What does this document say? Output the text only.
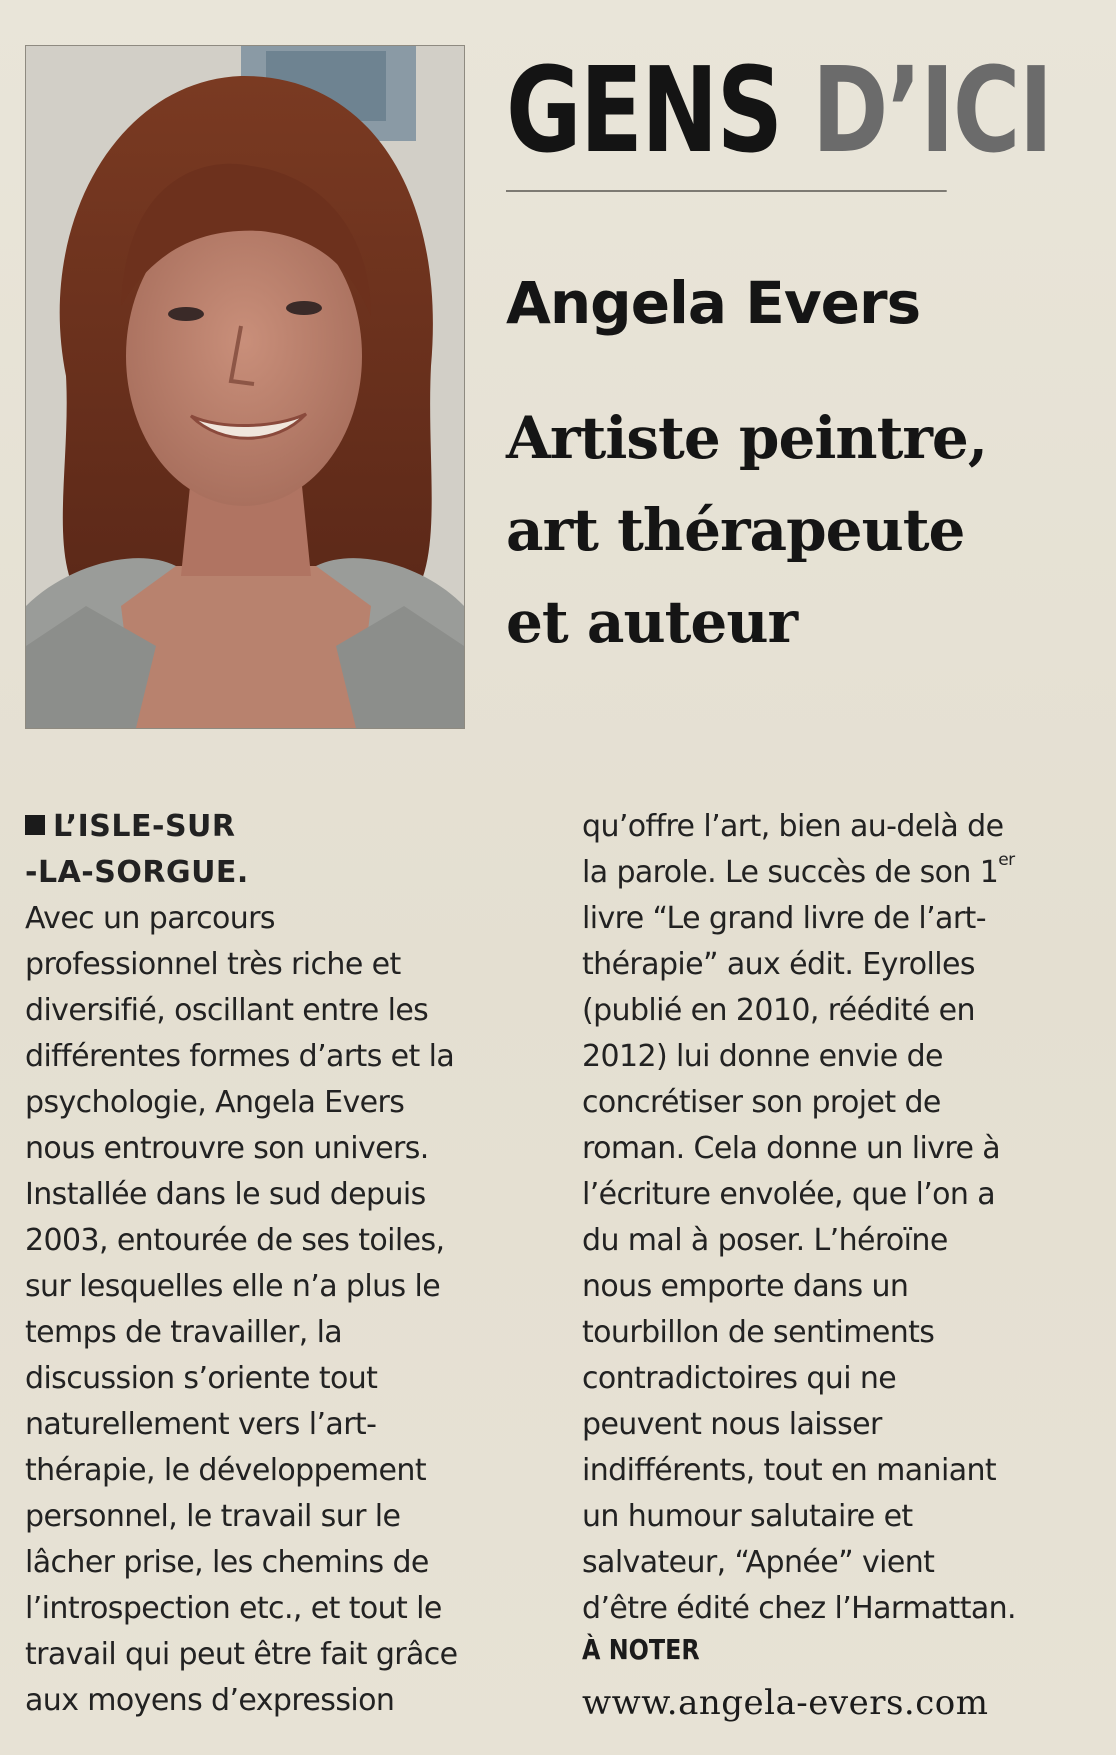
GENS D’ICI
Angela Evers
Artiste peintre,
art thérapeute
et auteur
L’ISLE-SUR
-LA-SORGUE.
Avec un parcours
professionnel très riche et
diversifié, oscillant entre les
différentes formes d’arts et la
psychologie, Angela Evers
nous entrouvre son univers.
Installée dans le sud depuis
2003, entourée de ses toiles,
sur lesquelles elle n’a plus le
temps de travailler, la
discussion s’oriente tout
naturellement vers l’art-
thérapie, le développement
personnel, le travail sur le
lâcher prise, les chemins de
l’introspection etc., et tout le
travail qui peut être fait grâce
aux moyens d’expression
qu’offre l’art, bien au-delà de
la parole. Le succès de son 1er
livre “Le grand livre de l’art-
thérapie” aux édit. Eyrolles
(publié en 2010, réédité en
2012) lui donne envie de
concrétiser son projet de
roman. Cela donne un livre à
l’écriture envolée, que l’on a
du mal à poser. L’héroïne
nous emporte dans un
tourbillon de sentiments
contradictoires qui ne
peuvent nous laisser
indifférents, tout en maniant
un humour salutaire et
salvateur, “Apnée” vient
d’être édité chez l’Harmattan.
À NOTER
www.angela-evers.com
